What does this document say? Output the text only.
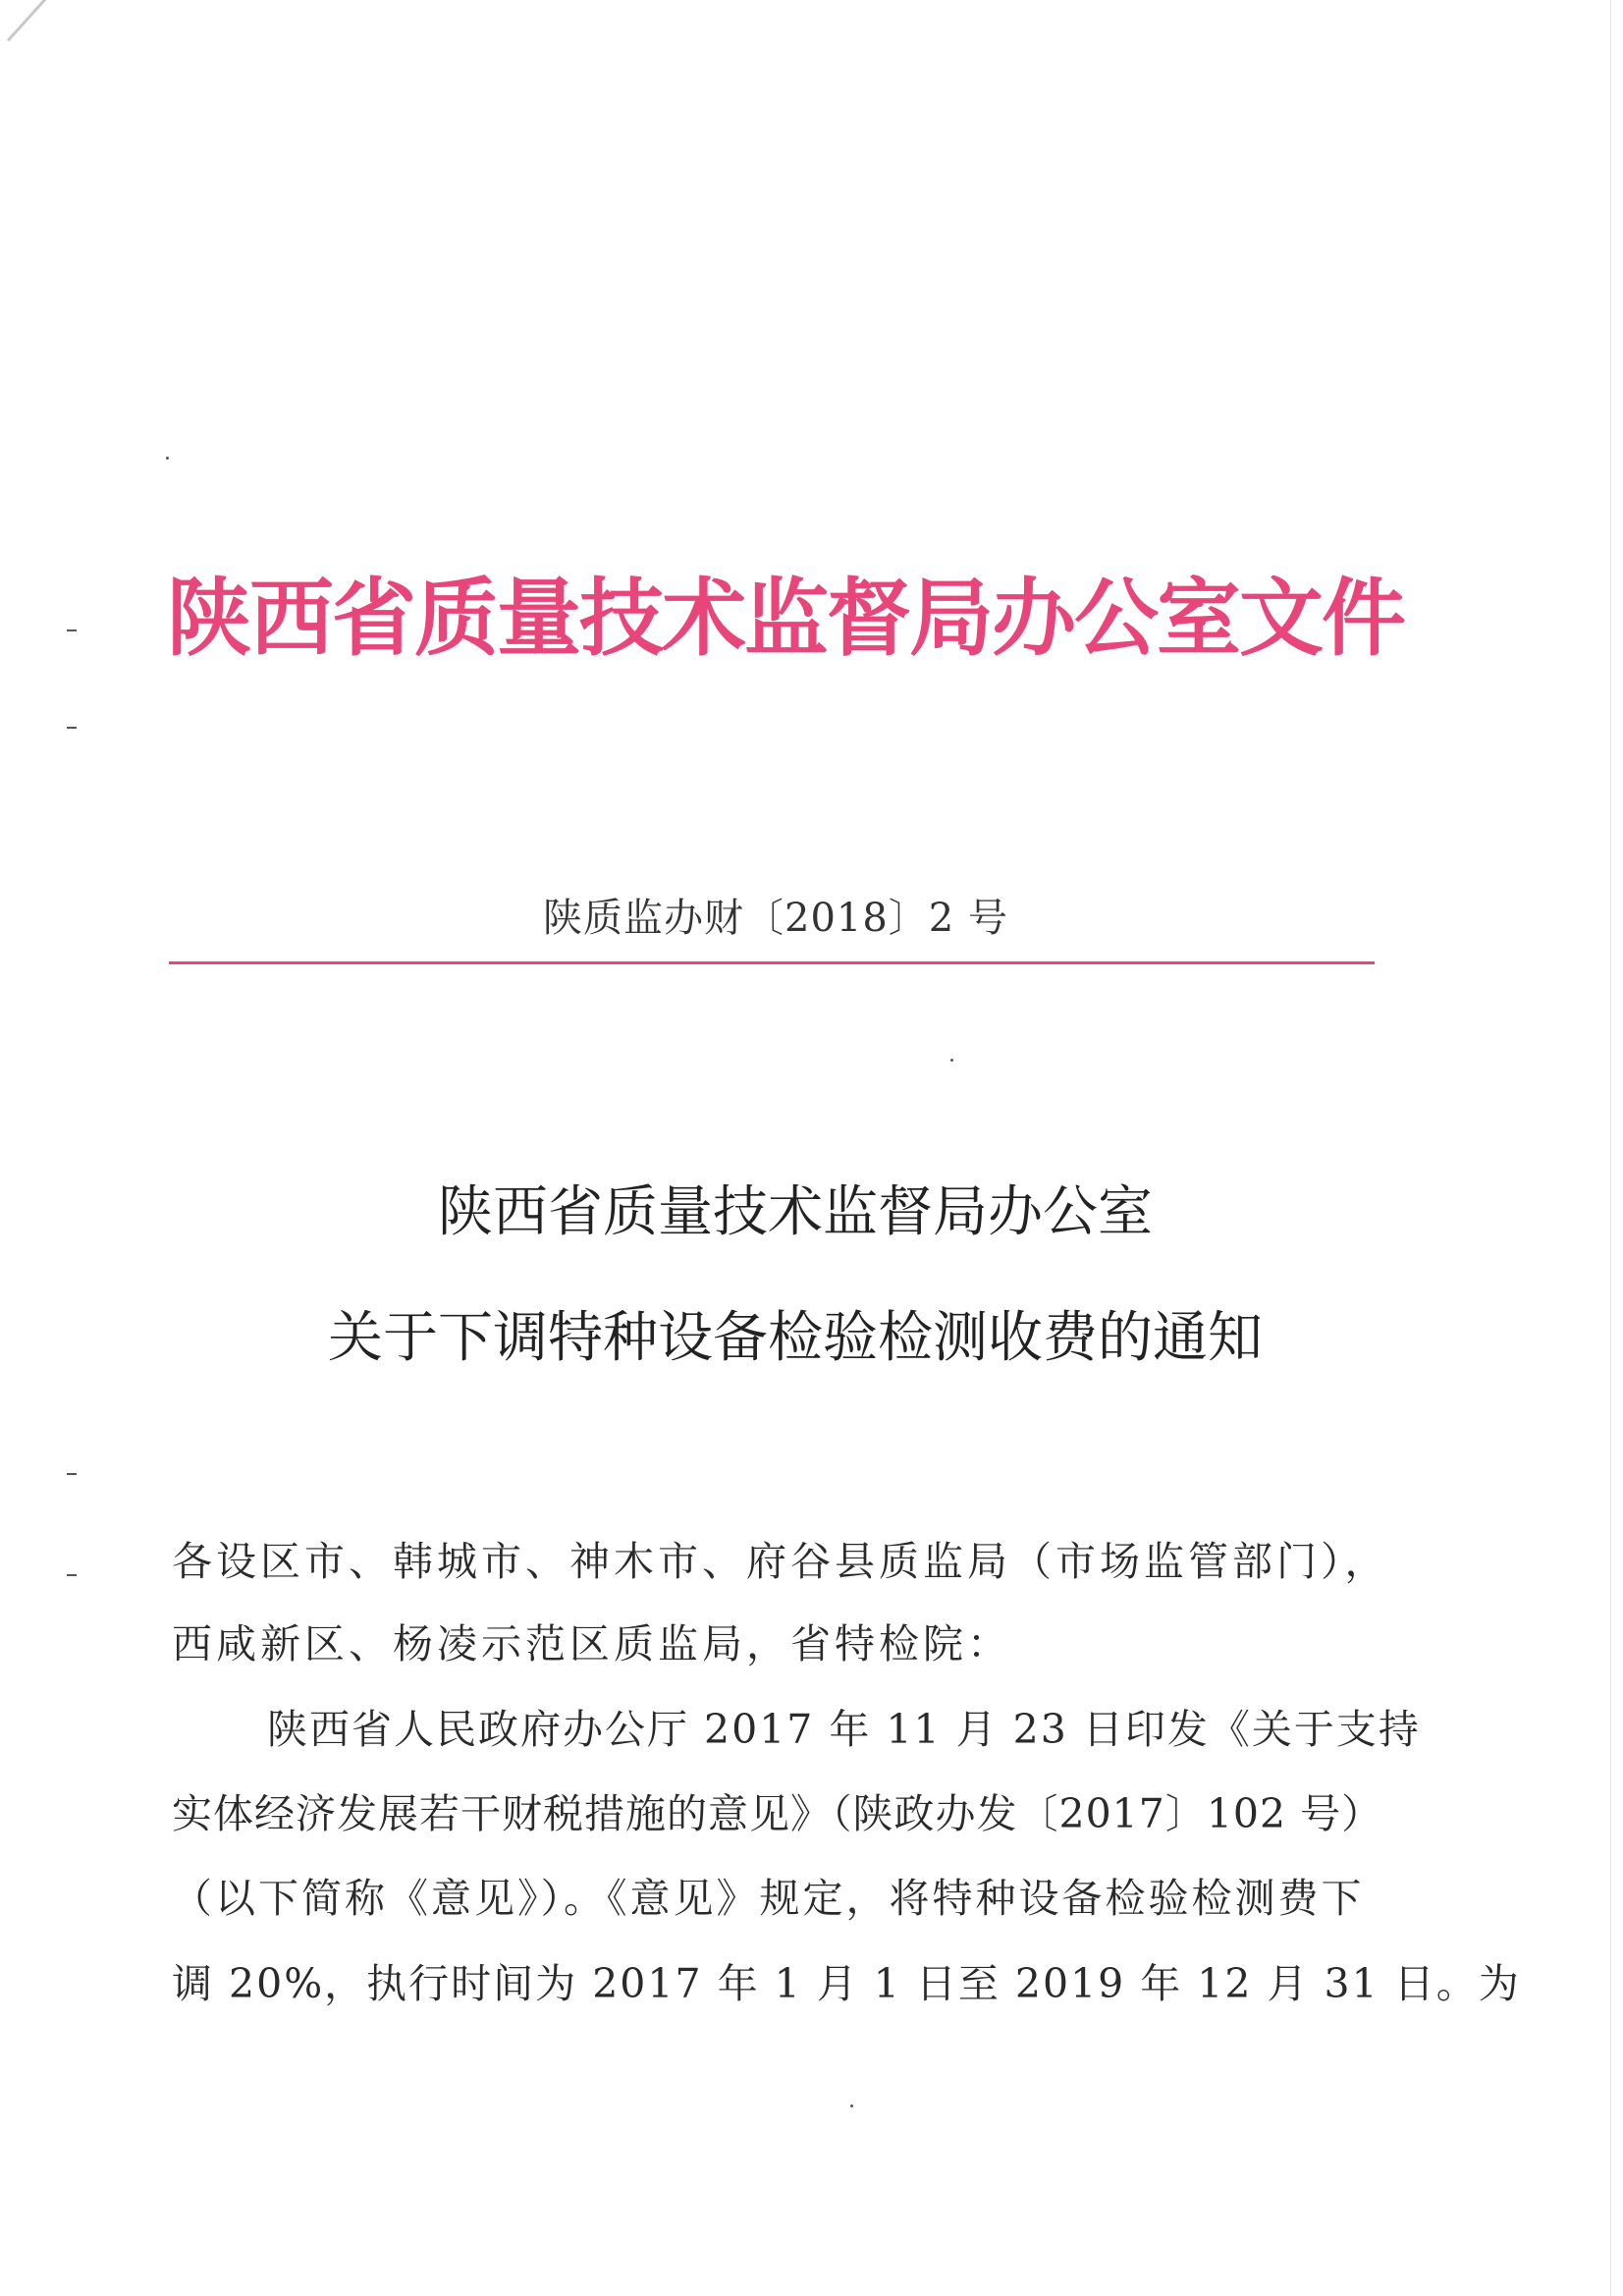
陕西省质量技术监督局办公室文件
陕质监办财〔2018〕2 号
陕西省质量技术监督局办公室
关于下调特种设备检验检测收费的通知
各设区市、韩城市、神木市、府谷县质监局（市场监管部门），
西咸新区、杨凌示范区质监局，省特检院：
陕西省人民政府办公厅 2017 年 11 月 23 日印发《关于支持
实体经济发展若干财税措施的意见》（陕政办发〔2017〕102 号）
（以下简称《意见》）。《意见》规定，将特种设备检验检测费下
调 20%，执行时间为 2017 年 1 月 1 日至 2019 年 12 月 31 日。为
